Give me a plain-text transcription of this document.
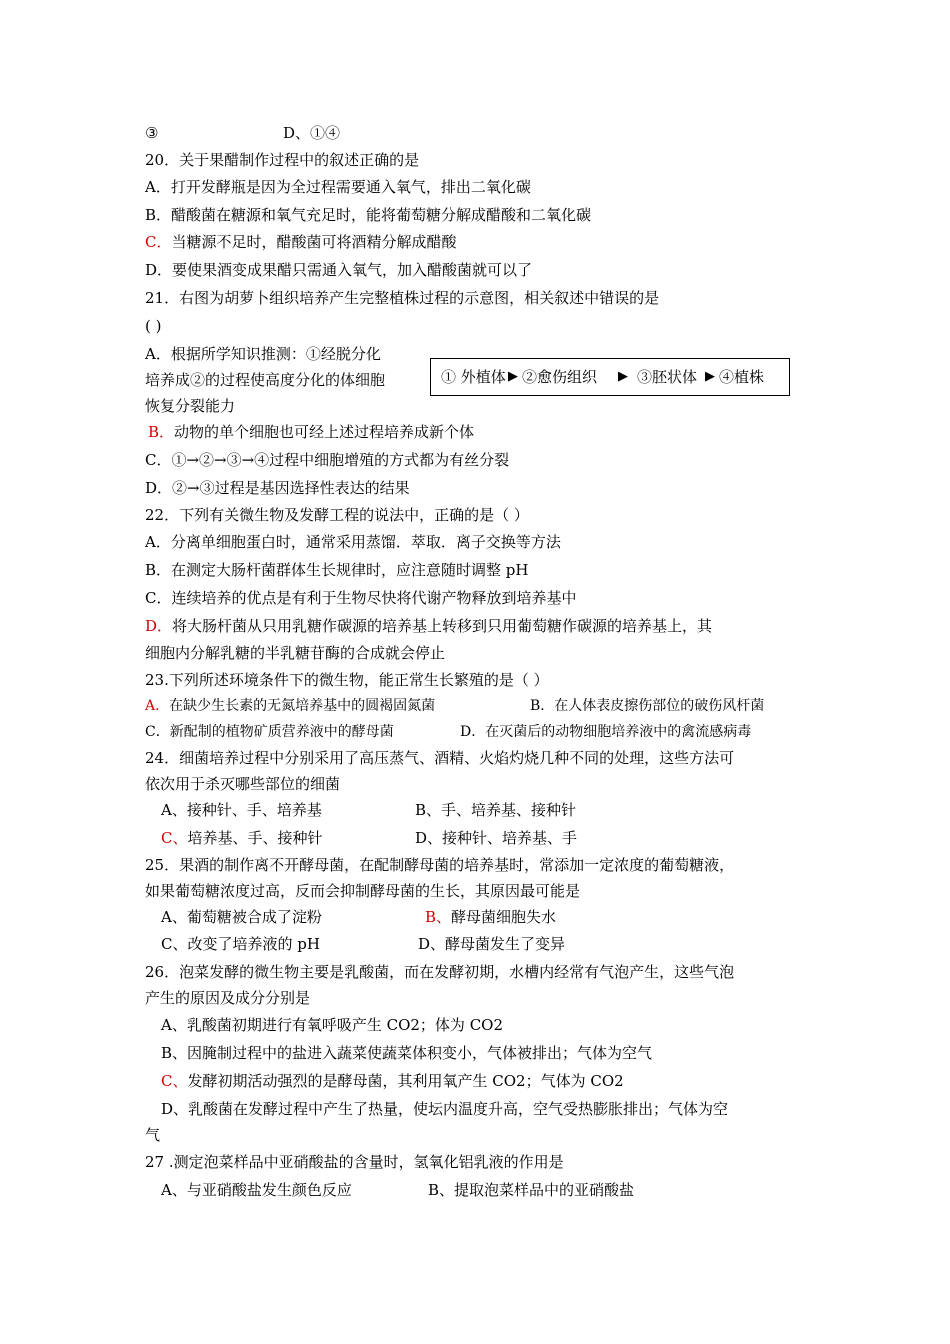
③	D、①④
20．关于果醋制作过程中的叙述正确的是
A．打开发酵瓶是因为全过程需要通入氧气，排出二氧化碳
B．醋酸菌在糖源和氧气充足时，能将葡萄糖分解成醋酸和二氧化碳
C．当糖源不足时，醋酸菌可将酒精分解成醋酸
D．要使果酒变成果醋只需通入氧气，加入醋酸菌就可以了
21．右图为胡萝卜组织培养产生完整植株过程的示意图，相关叙述中错误的是
( )
A．根据所学知识推测：①经脱分化
培养成②的过程使高度分化的体细胞
恢复分裂能力
① 外植体 ▶ ②愈伤组织 ▶ ③胚状体 ▶ ④植株
B．动物的单个细胞也可经上述过程培养成新个体
C．①→②→③→④过程中细胞增殖的方式都为有丝分裂
D．②→③过程是基因选择性表达的结果
22．下列有关微生物及发酵工程的说法中，正确的是（ ）
A．分离单细胞蛋白时，通常采用蒸馏．萃取．离子交换等方法
B．在测定大肠杆菌群体生长规律时，应注意随时调整 pH
C．连续培养的优点是有利于生物尽快将代谢产物释放到培养基中
D．将大肠杆菌从只用乳糖作碳源的培养基上转移到只用葡萄糖作碳源的培养基上，其
细胞内分解乳糖的半乳糖苷酶的合成就会停止
23.下列所述环境条件下的微生物，能正常生长繁殖的是（ ）
A．在缺少生长素的无氮培养基中的圆褐固氮菌	B．在人体表皮擦伤部位的破伤风杆菌
C．新配制的植物矿质营养液中的酵母菌	D．在灭菌后的动物细胞培养液中的禽流感病毒
24．细菌培养过程中分别采用了高压蒸气、酒精、火焰灼烧几种不同的处理，这些方法可
依次用于杀灭哪些部位的细菌
A、接种针、手、培养基	B、手、培养基、接种针
C、培养基、手、接种针	D、接种针、培养基、手
25．果酒的制作离不开酵母菌，在配制酵母菌的培养基时，常添加一定浓度的葡萄糖液，
如果葡萄糖浓度过高，反而会抑制酵母菌的生长，其原因最可能是
A、葡萄糖被合成了淀粉	B、酵母菌细胞失水
C、改变了培养液的 pH	D、酵母菌发生了变异
26．泡菜发酵的微生物主要是乳酸菌，而在发酵初期，水槽内经常有气泡产生，这些气泡
产生的原因及成分分别是
A、乳酸菌初期进行有氧呼吸产生 CO2；体为 CO2
B、因腌制过程中的盐进入蔬菜使蔬菜体积变小，气体被排出；气体为空气
C、发酵初期活动强烈的是酵母菌，其利用氧产生 CO2；气体为 CO2
D、乳酸菌在发酵过程中产生了热量，使坛内温度升高，空气受热膨胀排出；气体为空
气
27 .测定泡菜样品中亚硝酸盐的含量时，氢氧化铝乳液的作用是
A、与亚硝酸盐发生颜色反应	B、提取泡菜样品中的亚硝酸盐
